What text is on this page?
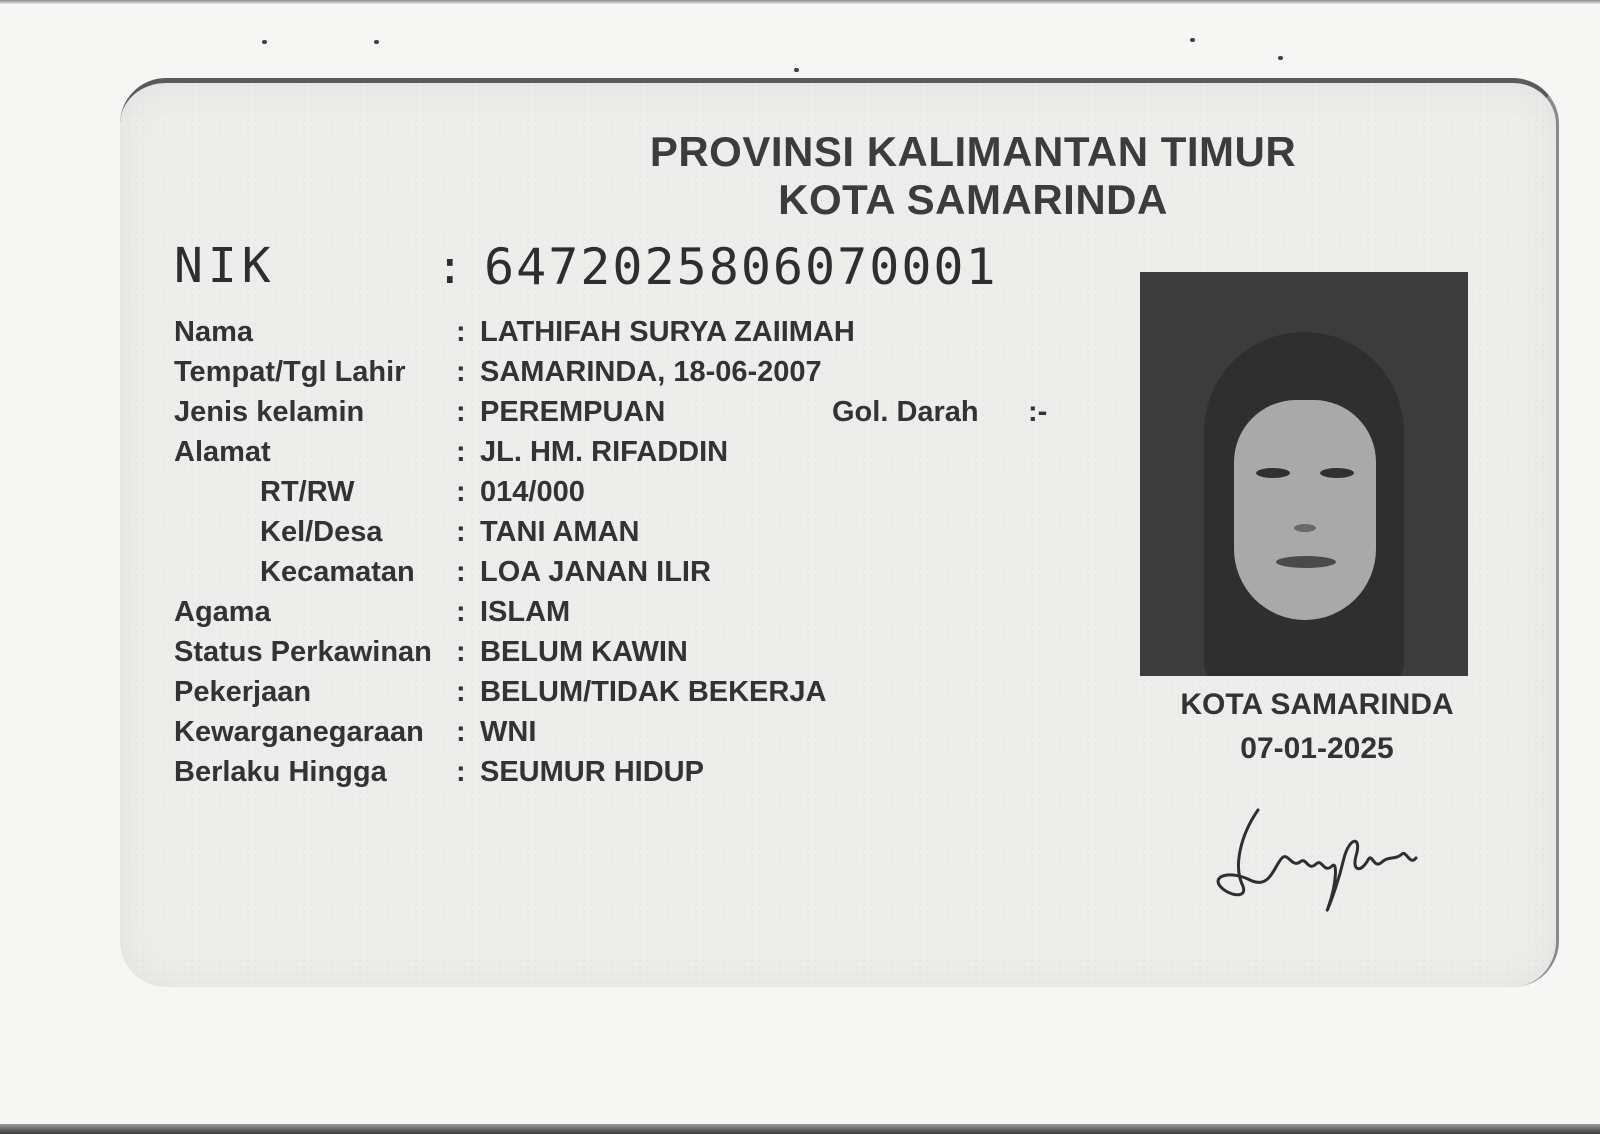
PROVINSI KALIMANTAN TIMUR
KOTA SAMARINDA
NIK	: 6472025806070001
Nama	: LATHIFAH SURYA ZAIIMAH
Tempat/Tgl Lahir : SAMARINDA, 18-06-2007
Jenis kelamin	: PEREMPUAN	Gol. Darah :-
Alamat	: JL. HM. RIFADDIN
RT/RW	: 014/000
Kel/Desa	: TANI AMAN
Kecamatan : LOA JANAN ILIR
Agama	: ISLAM
Status Perkawinan : BELUM KAWIN
Pekerjaan	: BELUM/TIDAK BEKERJA
Kewarganegaraan : WNI
Berlaku Hingga : SEUMUR HIDUP
KOTA SAMARINDA
07-01-2025
